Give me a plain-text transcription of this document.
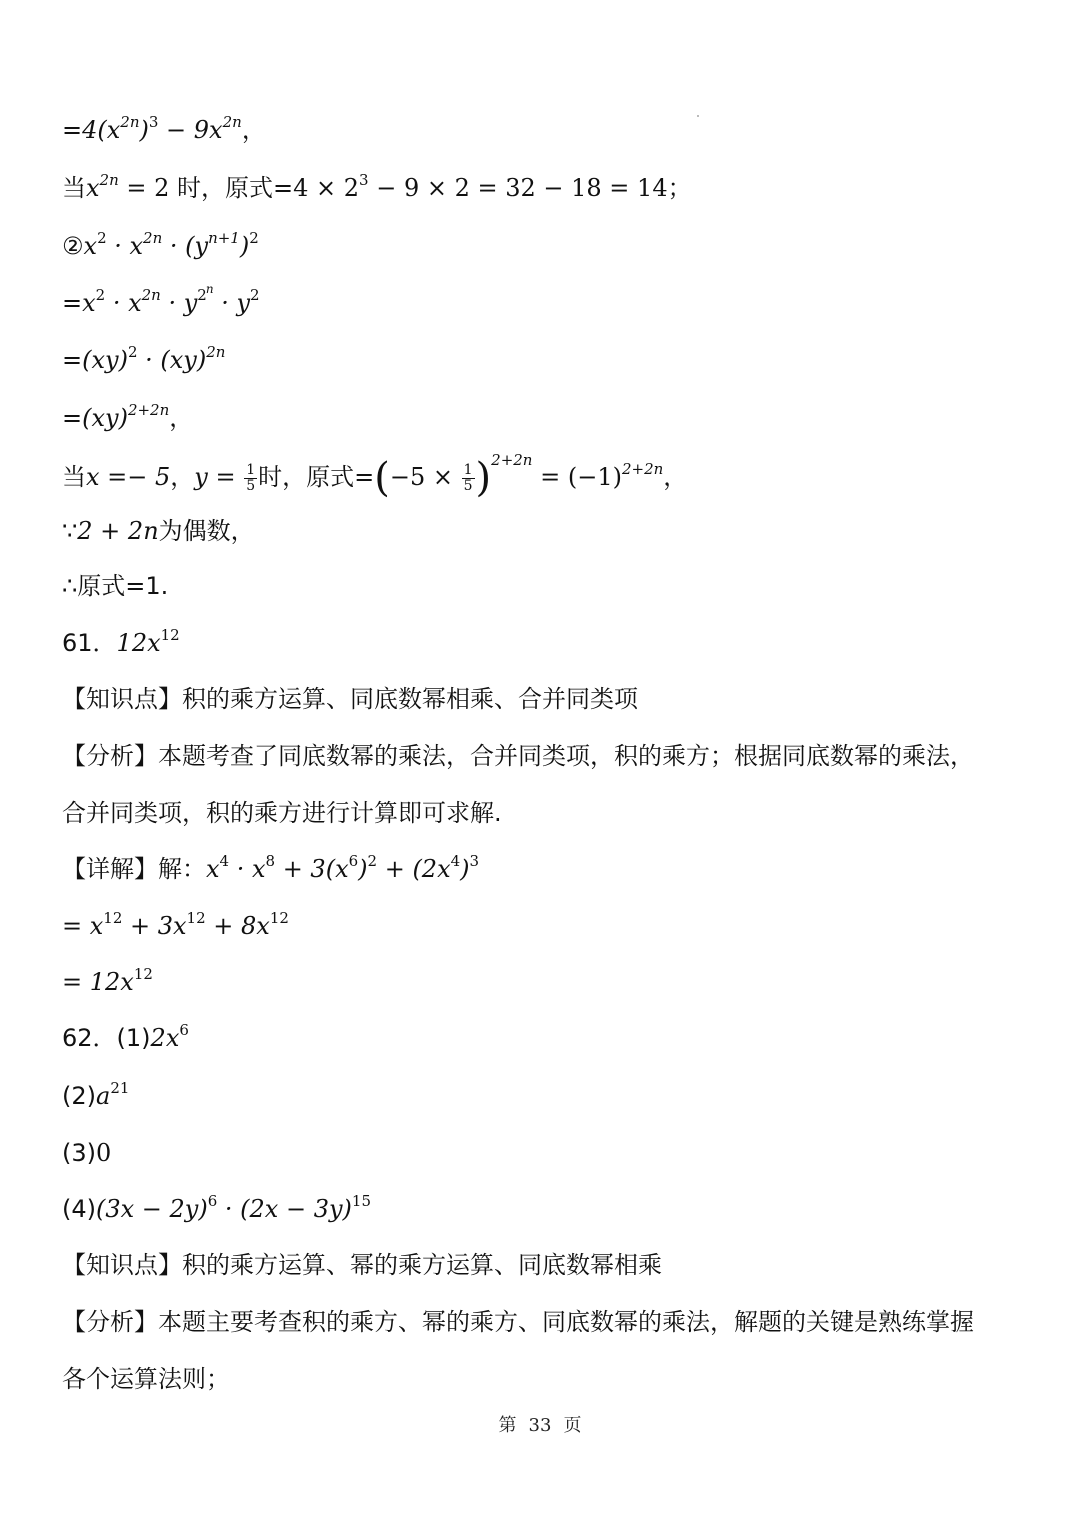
$=4(x^{2n})^3 - 9x^{2n}$，
当$x^{2n} = 2$ 时，原式$=4 \times 2^3 - 9 \times 2 = 32 - 18 = 14$；
$②x^2 \cdot x^{2n} \cdot (y^{n+1})^2$
$=x^2 \cdot x^{2n} \cdot y^{2n} \cdot y^2$
=(xy)$^2$ · (xy)$^{2n}$
=(xy)$^{2+2n}$，
当x =− 5，$y = \frac{1}{5}$ 时，原式$=(-5 \times \frac{1}{5} )^{2+2n} = (-1)^{2+2n}$，
∵2 + 2n为偶数，
∴原式=1.
61．$12x^{12}$
【知识点】积的乘方运算、同底数幂相乘、合并同类项
【分析】本题考查了同底数幂的乘法，合并同类项，积的乘方；根据同底数幂的乘法，
合并同类项，积的乘方进行计算即可求解.
【详解】解：$x^4 \cdot x^8 + 3(x^6)^2 + (2x^4)^3$
= $x^{12} + 3x^{12} + 8x^{12}$
= $12x^{12}$
62．$(1)2x^6$
$(2)a^{21}$
(3)0
$(4)(3x - 2y)^6 \cdot (2x - 3y)^{15}$
【知识点】积的乘方运算、幂的乘方运算、同底数幂相乘
【分析】本题主要考查积的乘方、幂的乘方、同底数幂的乘法，解题的关键是熟练掌握
各个运算法则；
第 33 页
